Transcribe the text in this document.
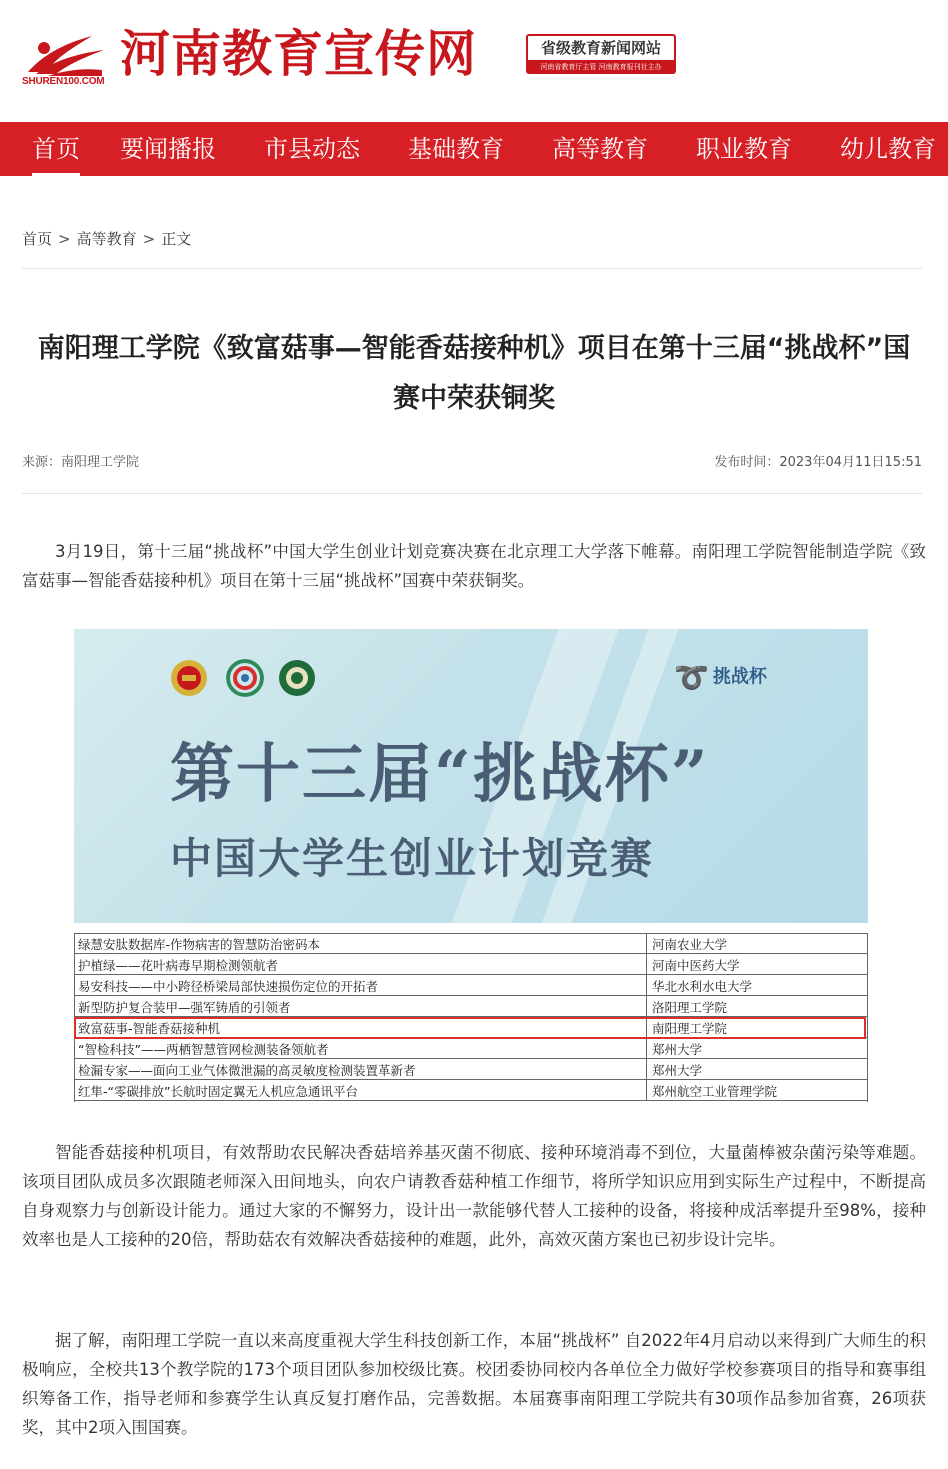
SHUREN100.COM 河南教育宣传网	省级教育新闻网站
河南省教育厅主管 河南教育报刊社主办
首页 要闻播报 市县动态 基础教育 高等教育 职业教育 幼儿教育
首页 > 高等教育 > 正文
南阳理工学院《致富菇事—智能香菇接种机》项目在第十三届“挑战杯”国赛中荣获铜奖
来源：南阳理工学院	发布时间：2023年04月11日15:51

3月19日，第十三届“挑战杯”中国大学生创业计划竞赛决赛在北京理工大学落下帷幕。南阳理工学院智能制造学院《致富菇事—智能香菇接种机》项目在第十三届“挑战杯”国赛中荣获铜奖。

➰ 挑战杯
第十三届“挑战杯”
中国大学生创业计划竞赛
绿慧安肽数据库-作物病害的智慧防治密码本	河南农业大学
护植绿——花叶病毒早期检测领航者	河南中医药大学
易安科技——中小跨径桥梁局部快速损伤定位的开拓者	华北水利水电大学
新型防护复合装甲—强军铸盾的引领者	洛阳理工学院
致富菇事-智能香菇接种机	南阳理工学院
“智检科技”——两栖智慧管网检测装备领航者	郑州大学
检漏专家——面向工业气体微泄漏的高灵敏度检测装置革新者	郑州大学
红隼-“零碳排放”长航时固定翼无人机应急通讯平台	郑州航空工业管理学院

智能香菇接种机项目，有效帮助农民解决香菇培养基灭菌不彻底、接种环境消毒不到位，大量菌棒被杂菌污染等难题。该项目团队成员多次跟随老师深入田间地头，向农户请教香菇种植工作细节，将所学知识应用到实际生产过程中，不断提高自身观察力与创新设计能力。通过大家的不懈努力，设计出一款能够代替人工接种的设备，将接种成活率提升至98%，接种效率也是人工接种的20倍，帮助菇农有效解决香菇接种的难题，此外，高效灭菌方案也已初步设计完毕。

据了解，南阳理工学院一直以来高度重视大学生科技创新工作，本届“挑战杯” 自2022年4月启动以来得到广大师生的积极响应，全校共13个教学院的173个项目团队参加校级比赛。校团委协同校内各单位全力做好学校参赛项目的指导和赛事组织筹备工作，指导老师和参赛学生认真反复打磨作品，完善数据。本届赛事南阳理工学院共有30项作品参加省赛，26项获奖，其中2项入围国赛。
